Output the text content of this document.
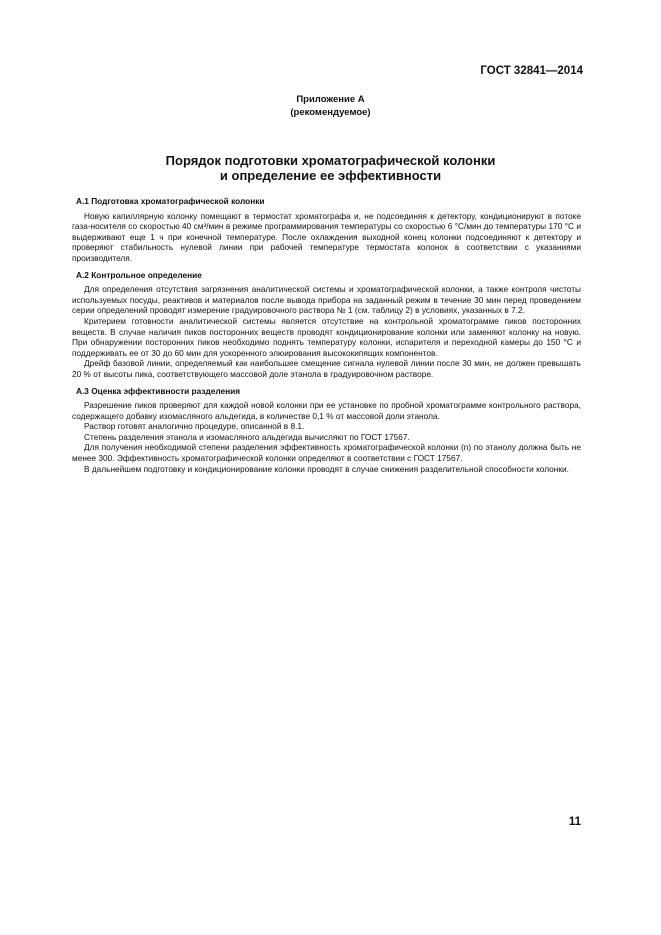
ГОСТ 32841—2014
Приложение А
(рекомендуемое)
Порядок подготовки хроматографической колонки
и определение ее эффективности
А.1 Подготовка хроматографической колонки

Новую капиллярную колонку помещают в термостат хроматографа и, не подсоединяя к детектору, кондиционируют в потоке газа-носителя со скоростью 40 см³/мин в режиме программирования температуры со скоростью 6 °С/мин до температуры 170 °С и выдерживают еще 1 ч при конечной температуре. После охлаждения выходной конец колонки подсоединяют к детектору и проверяют стабильность нулевой линии при рабочей температуре термостата колонок в соответствии с указаниями производителя.

А.2 Контрольное определение

Для определения отсутствия загрязнения аналитической системы и хроматографической колонки, а также контроля чистоты используемых посуды, реактивов и материалов после вывода прибора на заданный режим в течение 30 мин перед проведением серии определений проводят измерение градуировочного раствора № 1 (см. таблицу 2) в условиях, указанных в 7.2.

Критерием готовности аналитической системы является отсутствие на контрольной хроматограмме пиков посторонних веществ. В случае наличия пиков посторонних веществ проводят кондиционирование колонки или заменяют колонку на новую. При обнаружении посторонних пиков необходимо поднять температуру колонки, испарителя и переходной камеры до 150 °С и поддерживать ее от 30 до 60 мин для ускоренного элюирования высококипящих компонентов.

Дрейф базовой линии, определяемый как наибольшее смещение сигнала нулевой линии после 30 мин, не должен превышать 20 % от высоты пика, соответствующего массовой доле этанола в градуировочном растворе.

А.3 Оценка эффективности разделения

Разрешение пиков проверяют для каждой новой колонки при ее установке по пробной хроматограмме контрольного раствора, содержащего добавку изомасляного альдегида, в количестве 0,1 % от массовой доли этанола.

Раствор готовят аналогично процедуре, описанной в 8.1.

Степень разделения этанола и изомасляного альдегида вычисляют по ГОСТ 17567.

Для получения необходимой степени разделения эффективность хроматографической колонки (n) по этанолу должна быть не менее 300. Эффективность хроматографической колонки определяют в соответствии с ГОСТ 17567.

В дальнейшем подготовку и кондиционирование колонки проводят в случае снижения разделительной способности колонки.

11
